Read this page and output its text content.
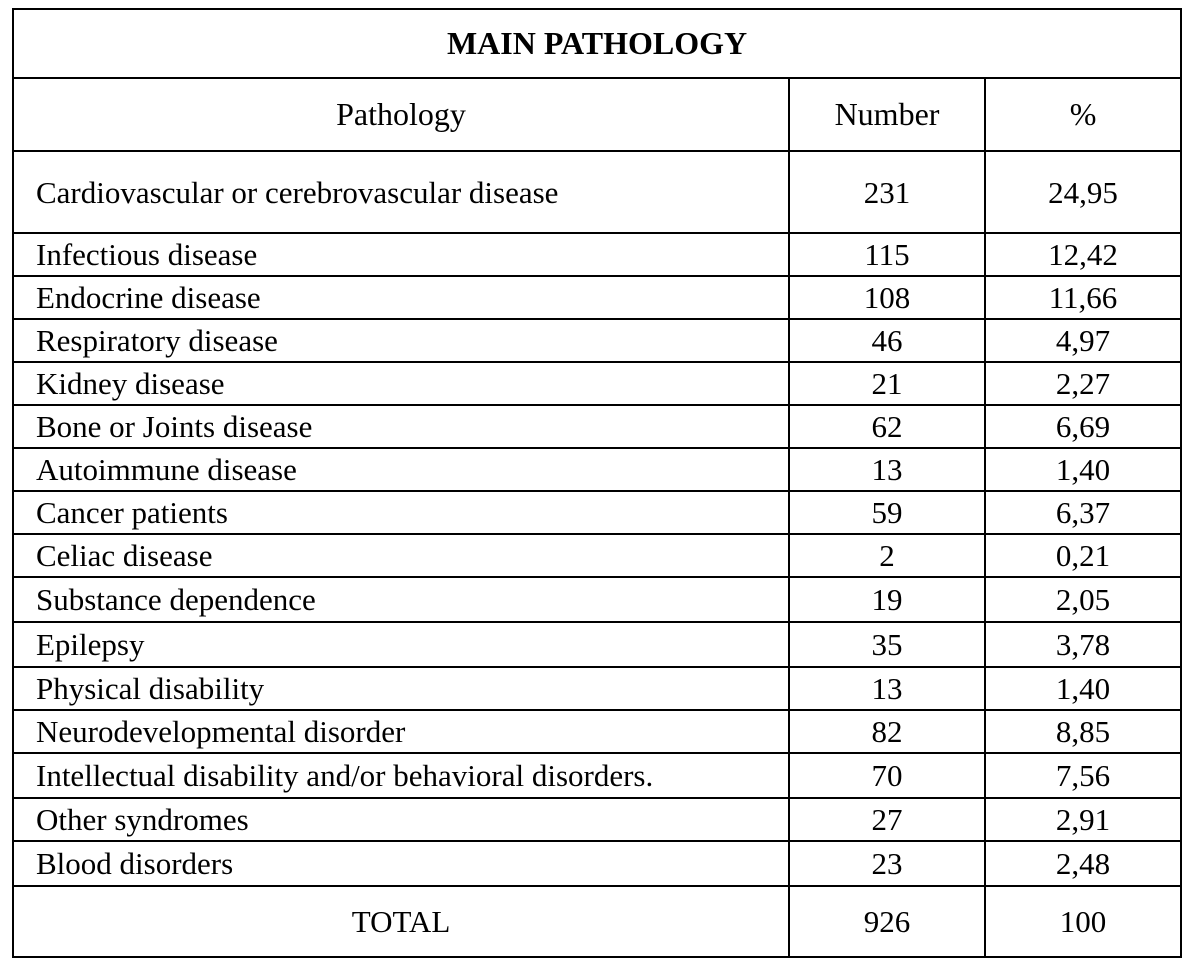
MAIN PATHOLOGY		
Pathology	Number	%
Cardiovascular or cerebrovascular disease	231	24,95
Infectious disease	115	12,42
Endocrine disease	108	11,66
Respiratory disease	46	4,97
Kidney disease	21	2,27
Bone or Joints disease	62	6,69
Autoimmune disease	13	1,40
Cancer patients	59	6,37
Celiac disease	2	0,21
Substance dependence	19	2,05
Epilepsy	35	3,78
Physical disability	13	1,40
Neurodevelopmental disorder	82	8,85
Intellectual disability and/or behavioral disorders.	70	7,56
Other syndromes	27	2,91
Blood disorders	23	2,48
TOTAL	926	100
